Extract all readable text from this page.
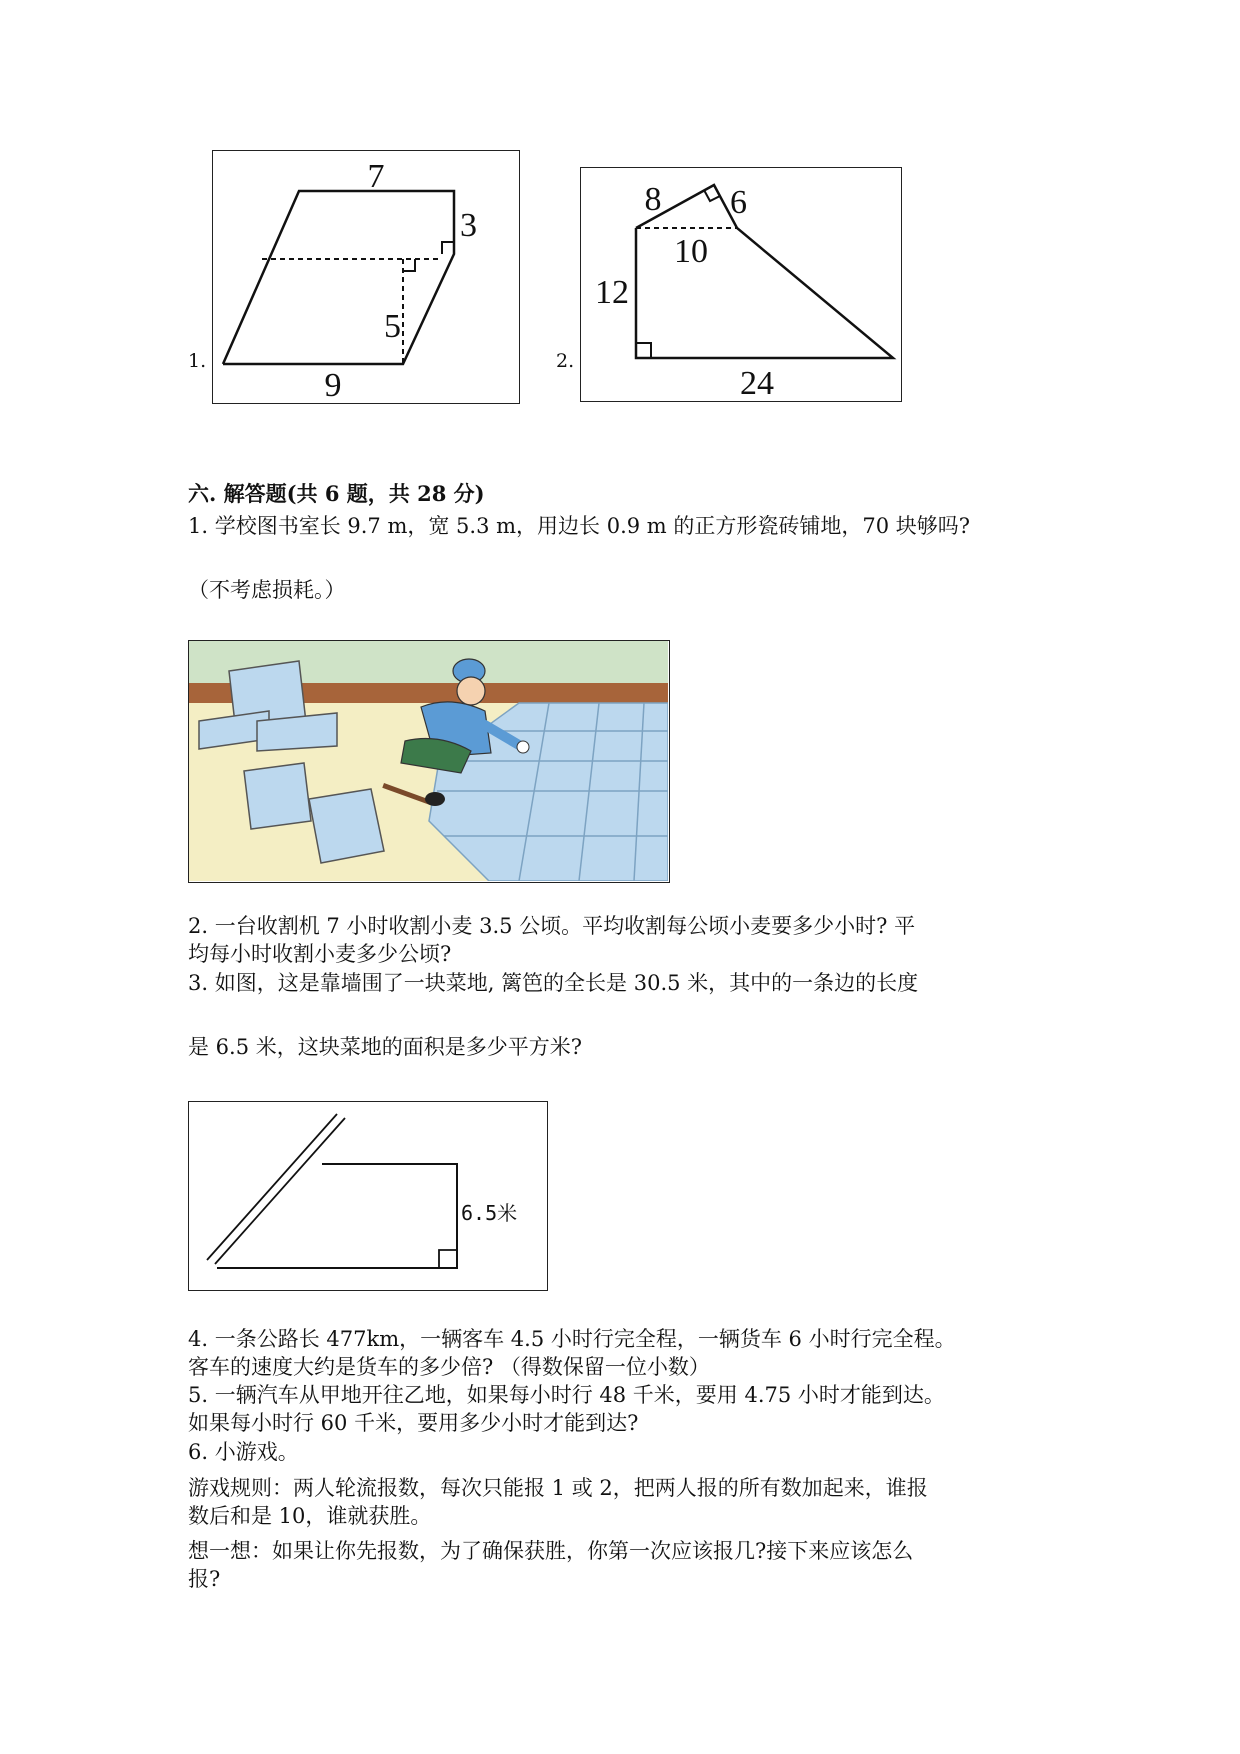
1.
7
3
5
9
2.
8 6
10
12
24
六. 解答题(共 6 题，共 28 分)
1. 学校图书室长 9.7 m，宽 5.3 m，用边长 0.9 m 的正方形瓷砖铺地，70 块够吗?
（不考虑损耗。）
2. 一台收割机 7 小时收割小麦 3.5 公顷。平均收割每公顷小麦要多少小时? 平
均每小时收割小麦多少公顷?
3. 如图，这是靠墙围了一块菜地, 篱笆的全长是 30.5 米，其中的一条边的长度
是 6.5 米，这块菜地的面积是多少平方米?
6.5米
4. 一条公路长 477km，一辆客车 4.5 小时行完全程，一辆货车 6 小时行完全程。
客车的速度大约是货车的多少倍? （得数保留一位小数）
5. 一辆汽车从甲地开往乙地，如果每小时行 48 千米，要用 4.75 小时才能到达。
如果每小时行 60 千米，要用多少小时才能到达?
6. 小游戏。
游戏规则：两人轮流报数，每次只能报 1 或 2，把两人报的所有数加起来，谁报
数后和是 10，谁就获胜。
想一想：如果让你先报数，为了确保获胜，你第一次应该报几?接下来应该怎么
报?
